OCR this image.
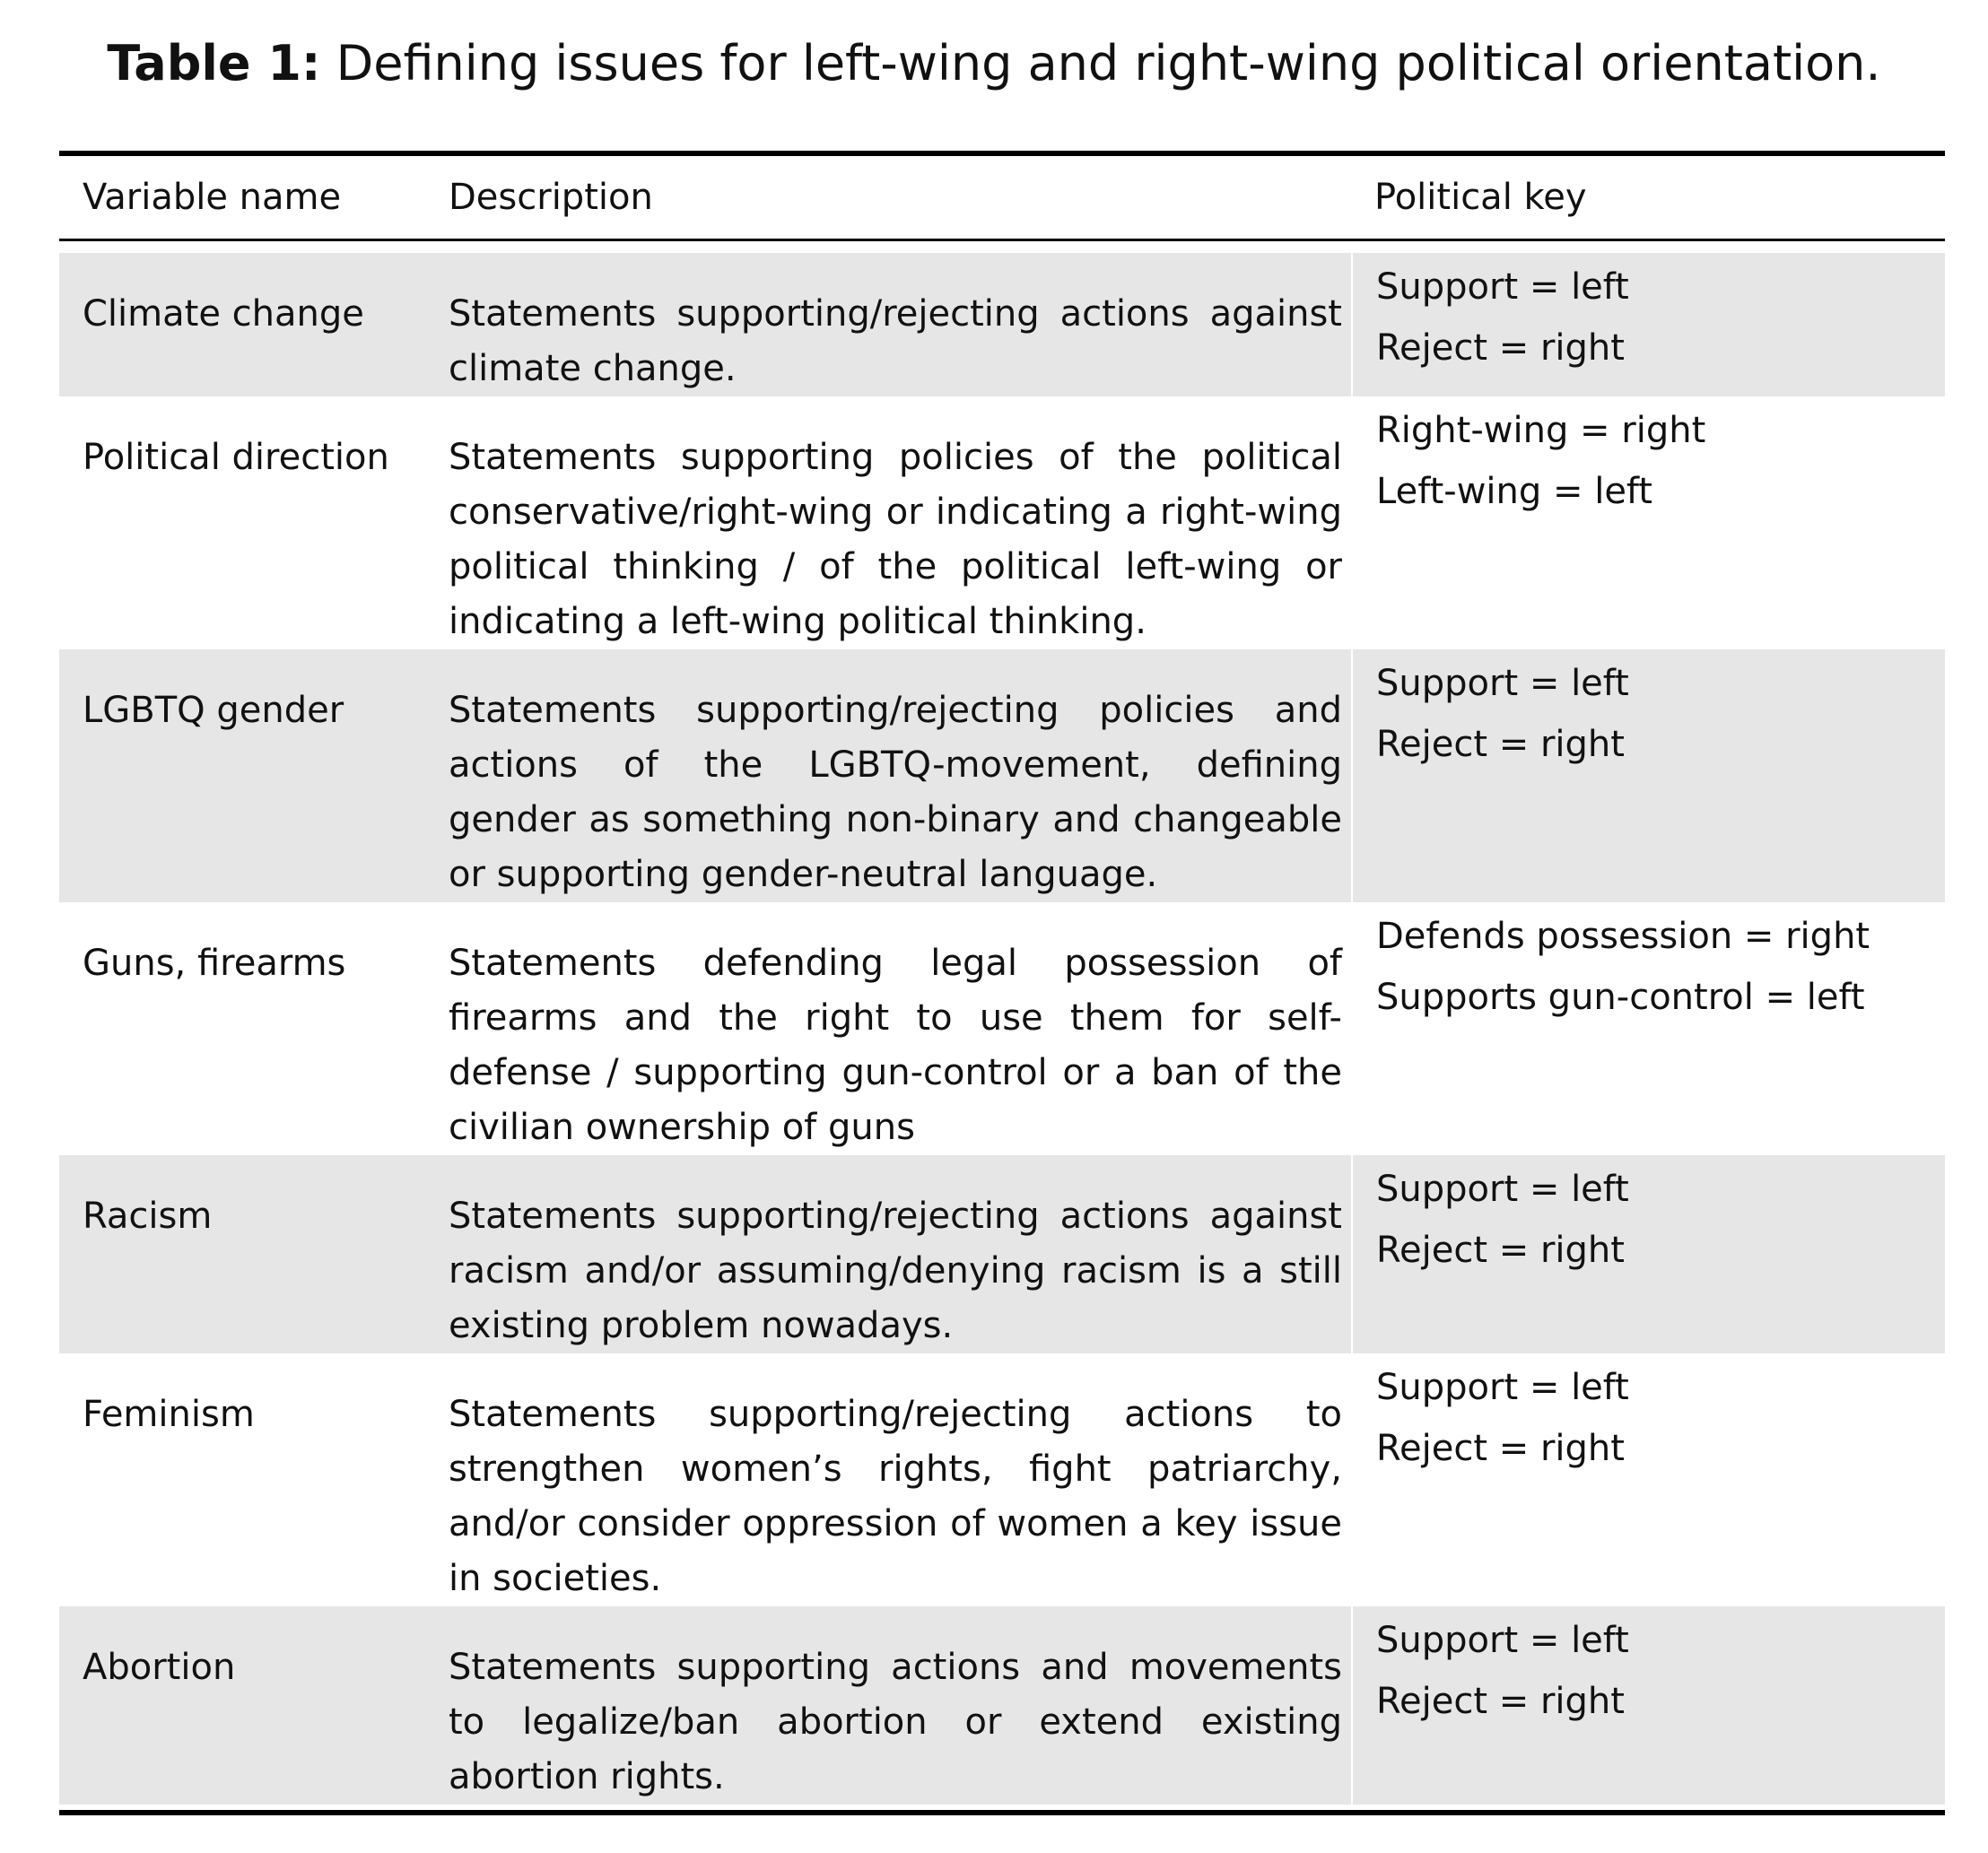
Table 1: Defining issues for left-wing and right-wing political orientation.
Variable name	Description	Political key
Climate change	Statements supporting/rejecting actions against climate change.
Support = left
Reject = right
Political direction	Statements supporting policies of the political conservative/right-wing or indicating a right-wing political thinking / of the political left-wing or indicating a left-wing political thinking.
Right-wing = right
Left-wing = left
LGBTQ gender	Statements supporting/rejecting policies and actions of the LGBTQ-movement, defining gender as something non-binary and changeable or supporting gender-neutral language.
Support = left
Reject = right
Guns, firearms	Statements defending legal possession of firearms and the right to use them for self-defense / supporting gun-control or a ban of the civilian ownership of guns
Defends possession = right
Supports gun-control = left
Racism	Statements supporting/rejecting actions against racism and/or assuming/denying racism is a still existing problem nowadays.
Support = left
Reject = right
Feminism	Statements supporting/rejecting actions to strengthen women’s rights, fight patriarchy, and/or consider oppression of women a key issue in societies.
Support = left
Reject = right
Abortion	Statements supporting actions and movements to legalize/ban abortion or extend existing abortion rights.
Support = left
Reject = right
